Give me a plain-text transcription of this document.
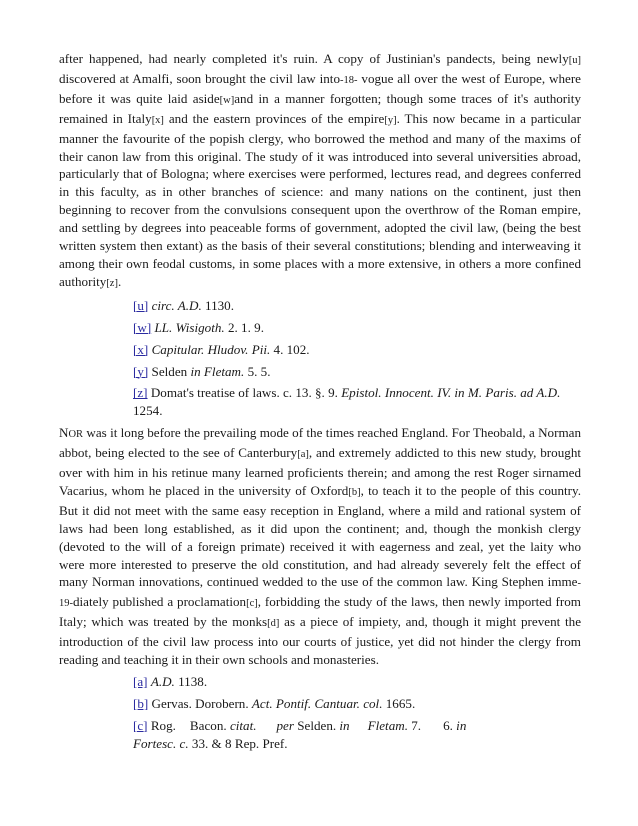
after happened, had nearly completed it's ruin. A copy of Justinian's pandects, being newly[u] discovered at Amalfi, soon brought the civil law into-18- vogue all over the west of Europe, where before it was quite laid aside[w]and in a manner forgotten; though some traces of it's authority remained in Italy[x] and the eastern provinces of the empire[y]. This now became in a particular manner the favourite of the popish clergy, who borrowed the method and many of the maxims of their canon law from this original. The study of it was introduced into several universities abroad, particularly that of Bologna; where exercises were performed, lectures read, and degrees conferred in this faculty, as in other branches of science: and many nations on the continent, just then beginning to recover from the convulsions consequent upon the overthrow of the Roman empire, and settling by degrees into peaceable forms of government, adopted the civil law, (being the best written system then extant) as the basis of their several constitutions; blending and interweaving it among their own feodal customs, in some places with a more extensive, in others a more confined authority[z].

[u] circ. A.D. 1130.
[w] LL. Wisigoth. 2. 1. 9.
[x] Capitular. Hludov. Pii. 4. 102.
[y] Selden in Fletam. 5. 5.
[z] Domat's treatise of laws. c. 13. §. 9. Epistol. Innocent. IV. in M. Paris. ad A.D. 1254.

NOR was it long before the prevailing mode of the times reached England. For Theobald, a Norman abbot, being elected to the see of Canterbury[a], and extremely addicted to this new study, brought over with him in his retinue many learned proficients therein; and among the rest Roger sirnamed Vacarius, whom he placed in the university of Oxford[b], to teach it to the people of this country. But it did not meet with the same easy reception in England, where a mild and rational system of laws had been long established, as it did upon the continent; and, though the monkish clergy (devoted to the will of a foreign primate) received it with eagerness and zeal, yet the laity who were more interested to preserve the old constitution, and had already severely felt the effect of many Norman innovations, continued wedded to the use of the common law. King Stephen imme-19-diately published a proclamation[c], forbidding the study of the laws, then newly imported from Italy; which was treated by the monks[d] as a piece of impiety, and, though it might prevent the introduction of the civil law process into our courts of justice, yet did not hinder the clergy from reading and teaching it in their own schools and monasteries.

[a] A.D. 1138.
[b] Gervas. Dorobern. Act. Pontif. Cantuar. col. 1665.
[c] Rog. Bacon. citat. per Selden. in Fletam. 7. 6. in
Fortesc. c. 33. & 8 Rep. Pref.
